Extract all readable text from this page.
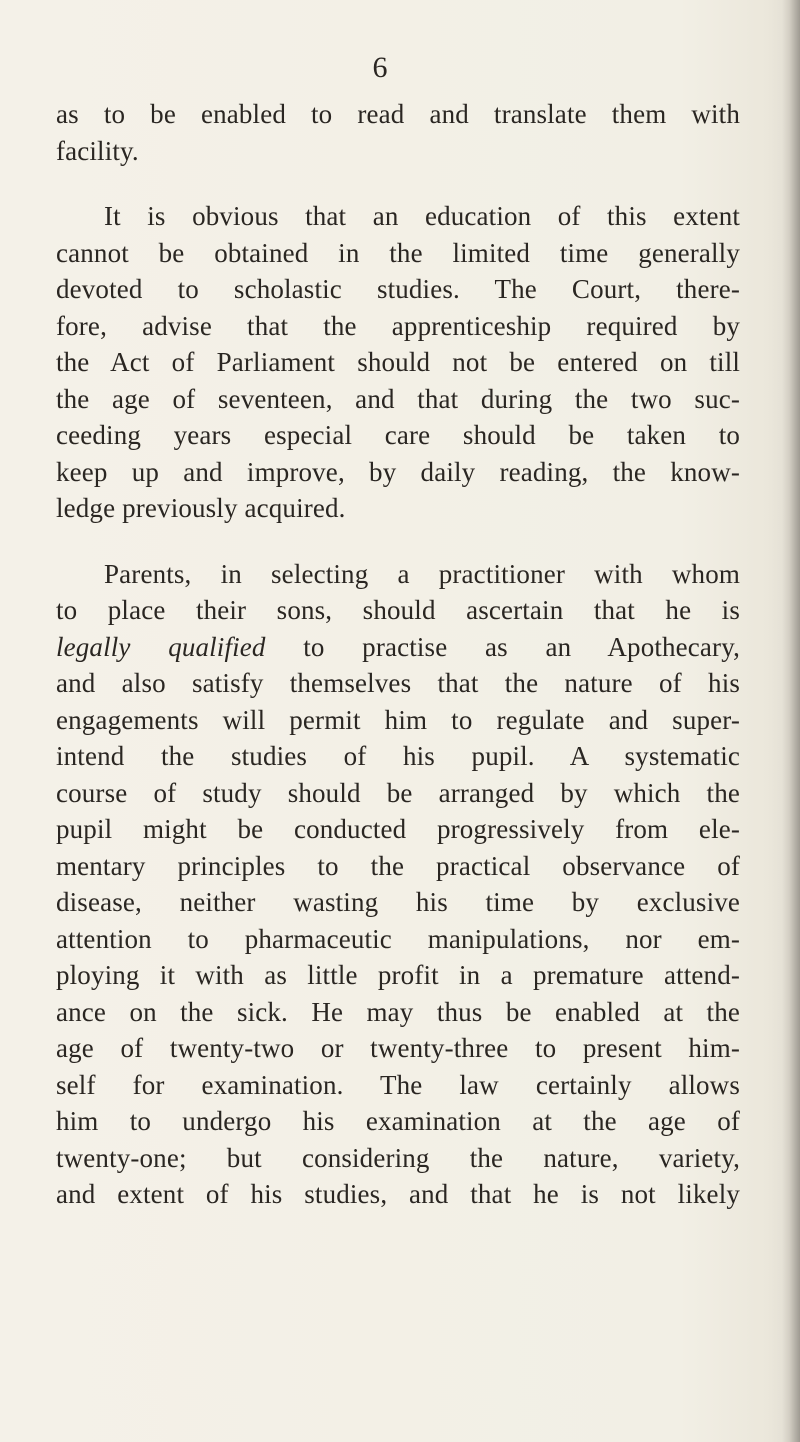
6
as to be enabled to read and translate them with
facility.
It is obvious that an education of this extent
cannot be obtained in the limited time generally
devoted to scholastic studies. The Court, there-
fore, advise that the apprenticeship required by
the Act of Parliament should not be entered on till
the age of seventeen, and that during the two suc-
ceeding years especial care should be taken to
keep up and improve, by daily reading, the know-
ledge previously acquired.
Parents, in selecting a practitioner with whom
to place their sons, should ascertain that he is
legally qualified to practise as an Apothecary,
and also satisfy themselves that the nature of his
engagements will permit him to regulate and super-
intend the studies of his pupil. A systematic
course of study should be arranged by which the
pupil might be conducted progressively from ele-
mentary principles to the practical observance of
disease, neither wasting his time by exclusive
attention to pharmaceutic manipulations, nor em-
ploying it with as little profit in a premature attend-
ance on the sick. He may thus be enabled at the
age of twenty-two or twenty-three to present him-
self for examination. The law certainly allows
him to undergo his examination at the age of
twenty-one; but considering the nature, variety,
and extent of his studies, and that he is not likely
